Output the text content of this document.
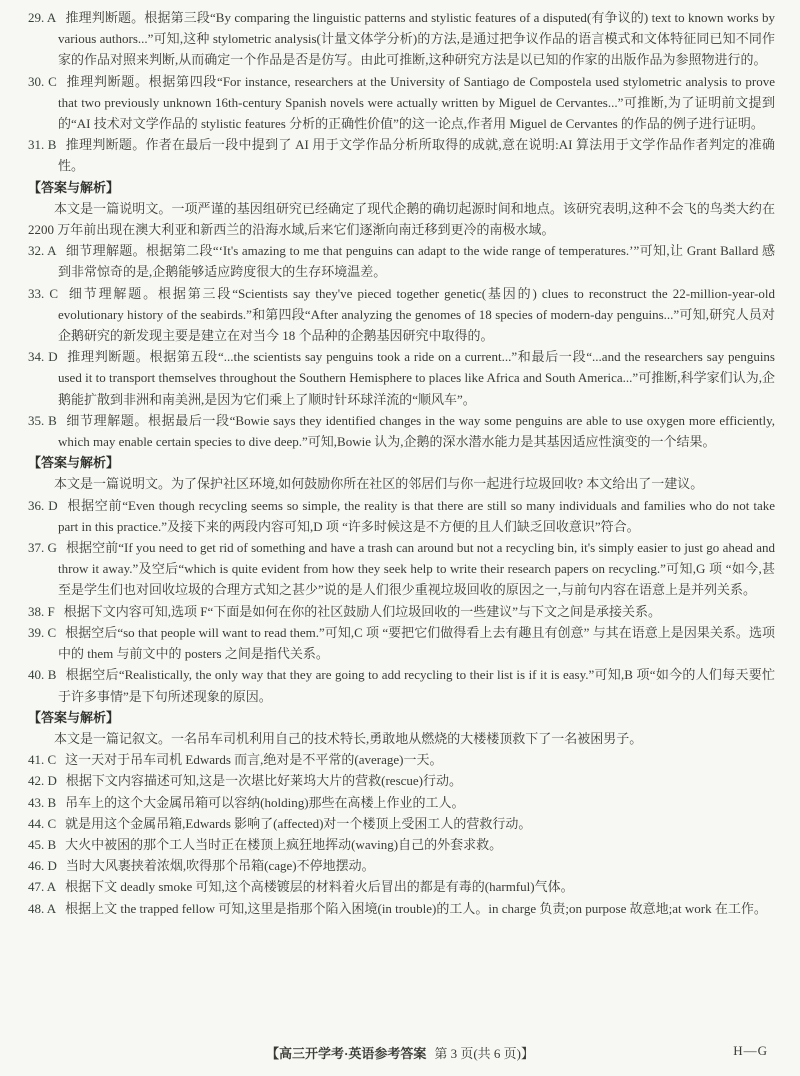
29. A 推理判断题。根据第三段“By comparing the linguistic patterns and stylistic features of a disputed(有争议的) text to known works by various authors...”可知,这种 stylometric analysis(计量文体学分析)的方法,是通过把争议作品的语言模式和文体特征同已知不同作家的作品对照来判断,从而确定一个作品是否是仿写。由此可推断,这种研究方法是以已知的作家的出版作品为参照物进行的。
30. C 推理判断题。根据第四段“For instance, researchers at the University of Santiago de Compostela used stylometric analysis to prove that two previously unknown 16th-century Spanish novels were actually written by Miguel de Cervantes...”可推断,为了证明前文提到的“AI 技术对文学作品的 stylistic features 分析的正确性价值”的这一论点,作者用 Miguel de Cervantes 的作品的例子进行证明。
31. B 推理判断题。作者在最后一段中提到了 AI 用于文学作品分析所取得的成就,意在说明:AI 算法用于文学作品作者判定的准确性。
【答案与解析】
本文是一篇说明文。一项严谨的基因组研究已经确定了现代企鹅的确切起源时间和地点。该研究表明,这种不会飞的鸟类大约在 2200 万年前出现在澳大利亚和新西兰的沿海水域,后来它们逐渐向南迁移到更冷的南极水域。
32. A 细节理解题。根据第二段“‘It's amazing to me that penguins can adapt to the wide range of temperatures.’”可知,让 Grant Ballard 感到非常惊奇的是,企鹅能够适应跨度很大的生存环境温差。
33. C 细节理解题。根据第三段“Scientists say they've pieced together genetic(基因的) clues to reconstruct the 22-million-year-old evolutionary history of the seabirds.”和第四段“After analyzing the genomes of 18 species of modern-day penguins...”可知,研究人员对企鹅研究的新发现主要是建立在对当今 18 个品种的企鹅基因研究中取得的。
34. D 推理判断题。根据第五段“...the scientists say penguins took a ride on a current...”和最后一段“...and the researchers say penguins used it to transport themselves throughout the Southern Hemisphere to places like Africa and South America...”可推断,科学家们认为,企鹅能扩散到非洲和南美洲,是因为它们乘上了顺时针环球洋流的“顺风车”。
35. B 细节理解题。根据最后一段“Bowie says they identified changes in the way some penguins are able to use oxygen more efficiently, which may enable certain species to dive deep.”可知,Bowie 认为,企鹅的深水潜水能力是其基因适应性演变的一个结果。
【答案与解析】
本文是一篇说明文。为了保护社区环境,如何鼓励你所在社区的邻居们与你一起进行垃圾回收? 本文给出了一建议。
36. D 根据空前“Even though recycling seems so simple, the reality is that there are still so many individuals and families who do not take part in this practice.”及接下来的两段内容可知,D 项 “许多时候这是不方便的且人们缺乏回收意识”符合。
37. G 根据空前“If you need to get rid of something and have a trash can around but not a recycling bin, it's simply easier to just go ahead and throw it away.”及空后“which is quite evident from how they seek help to write their research papers on recycling.”可知,G 项 “如今,甚至是学生们也对回收垃圾的合理方式知之甚少”说的是人们很少重视垃圾回收的原因之一,与前句内容在语意上是并列关系。
38. F 根据下文内容可知,选项 F“下面是如何在你的社区鼓励人们垃圾回收的一些建议”与下文之间是承接关系。
39. C 根据空后“so that people will want to read them.”可知,C 项 “要把它们做得看上去有趣且有创意” 与其在语意上是因果关系。选项中的 them 与前文中的 posters 之间是指代关系。
40. B 根据空后“Realistically, the only way that they are going to add recycling to their list is if it is easy.”可知,B 项“如今的人们每天要忙于许多事情”是下句所述现象的原因。
【答案与解析】
本文是一篇记叙文。一名吊车司机利用自己的技术特长,勇敢地从燃烧的大楼楼顶救下了一名被困男子。
41. C 这一天对于吊车司机 Edwards 而言,绝对是不平常的(average)一天。
42. D 根据下文内容描述可知,这是一次堪比好莱坞大片的营救(rescue)行动。
43. B 吊车上的这个大金属吊箱可以容纳(holding)那些在高楼上作业的工人。
44. C 就是用这个金属吊箱,Edwards 影响了(affected)对一个楼顶上受困工人的营救行动。
45. B 大火中被困的那个工人当时正在楼顶上疯狂地挥动(waving)自己的外套求救。
46. D 当时大风裹挟着浓烟,吹得那个吊箱(cage)不停地摆动。
47. A 根据下文 deadly smoke 可知,这个高楼镀层的材料着火后冒出的都是有毒的(harmful)气体。
48. A 根据上文 the trapped fellow 可知,这里是指那个陷入困境(in trouble)的工人。in charge 负责;on purpose 故意地;at work 在工作。
【高三开学考·英语参考答案 第 3 页(共 6 页)】	H—G
